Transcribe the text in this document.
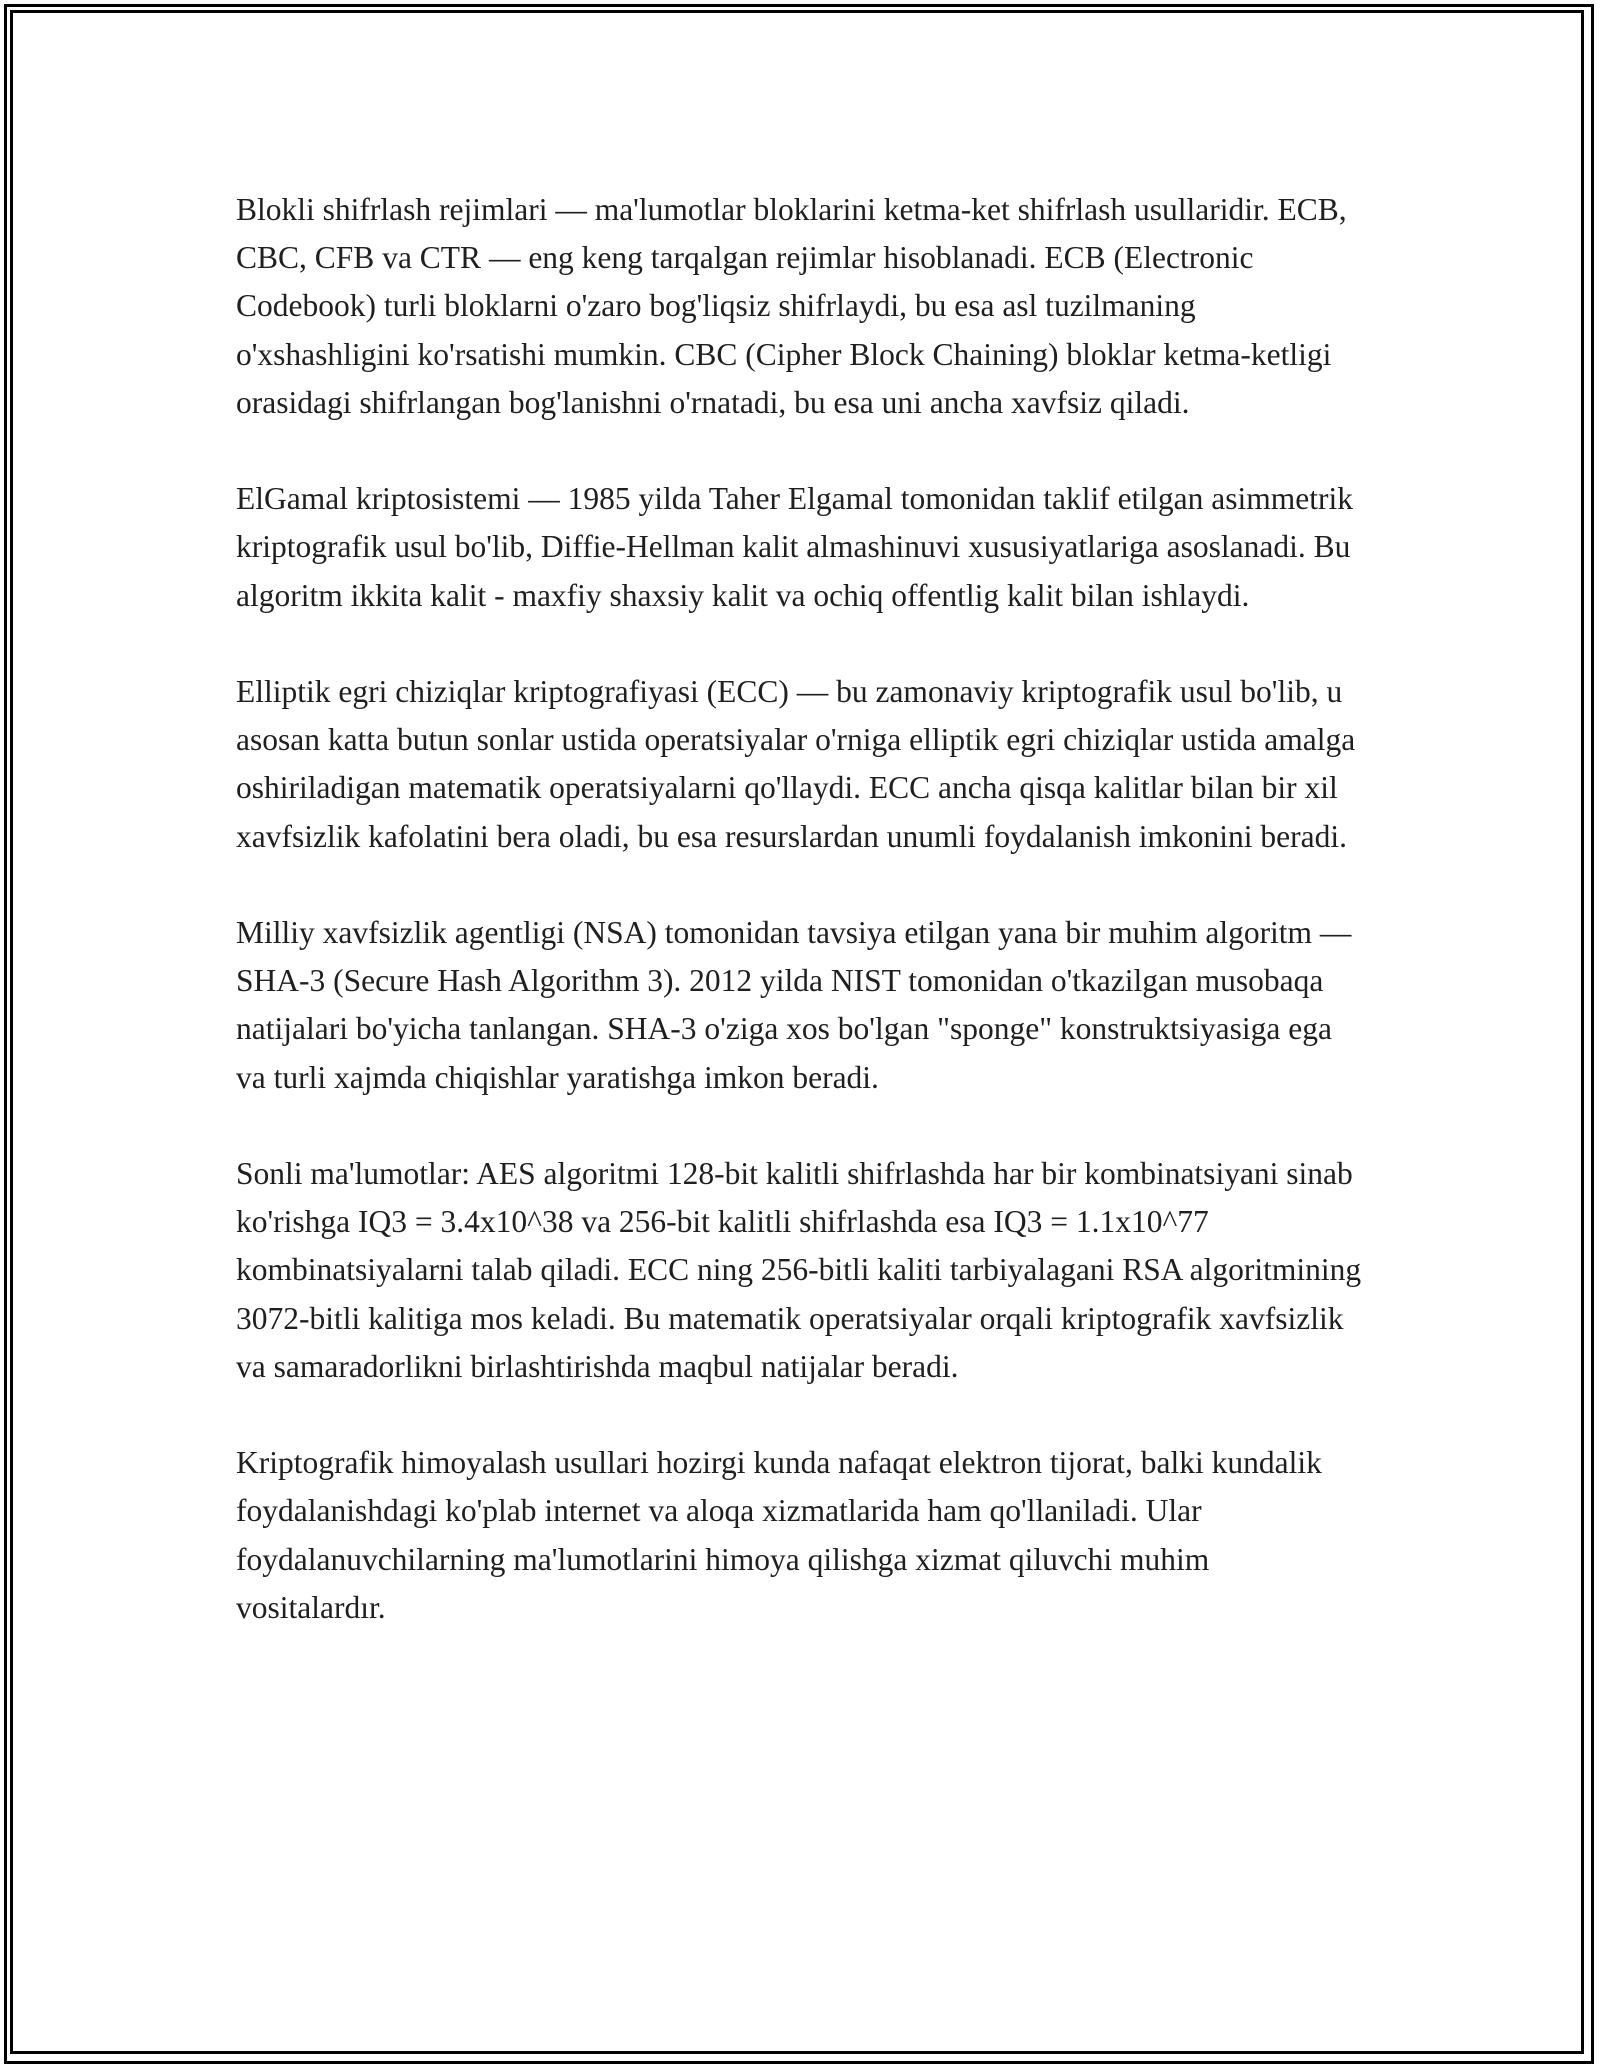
Blokli shifrlash rejimlari — ma'lumotlar bloklarini ketma-ket shifrlash usullaridir. ECB, CBC, CFB va CTR — eng keng tarqalgan rejimlar hisoblanadi. ECB (Electronic Codebook) turli bloklarni o'zaro bog'liqsiz shifrlaydi, bu esa asl tuzilmaning o'xshashligini ko'rsatishi mumkin. CBC (Cipher Block Chaining) bloklar ketma-ketligi orasidagi shifrlangan bog'lanishni o'rnatadi, bu esa uni ancha xavfsiz qiladi.

ElGamal kriptosistemi — 1985 yilda Taher Elgamal tomonidan taklif etilgan asimmetrik kriptografik usul bo'lib, Diffie-Hellman kalit almashinuvi xususiyatlariga asoslanadi. Bu algoritm ikkita kalit - maxfiy shaxsiy kalit va ochiq offentlig kalit bilan ishlaydi.

Elliptik egri chiziqlar kriptografiyasi (ECC) — bu zamonaviy kriptografik usul bo'lib, u asosan katta butun sonlar ustida operatsiyalar o'rniga elliptik egri chiziqlar ustida amalga oshiriladigan matematik operatsiyalarni qo'llaydi. ECC ancha qisqa kalitlar bilan bir xil xavfsizlik kafolatini bera oladi, bu esa resurslardan unumli foydalanish imkonini beradi.

Milliy xavfsizlik agentligi (NSA) tomonidan tavsiya etilgan yana bir muhim algoritm — SHA-3 (Secure Hash Algorithm 3). 2012 yilda NIST tomonidan o'tkazilgan musobaqa natijalari bo'yicha tanlangan. SHA-3 o'ziga xos bo'lgan "sponge" konstruktsiyasiga ega va turli xajmda chiqishlar yaratishga imkon beradi.

Sonli ma'lumotlar: AES algoritmi 128-bit kalitli shifrlashda har bir kombinatsiyani sinab ko'rishga IQ3 = 3.4x10^38 va 256-bit kalitli shifrlashda esa IQ3 = 1.1x10^77 kombinatsiyalarni talab qiladi. ECC ning 256-bitli kaliti tarbiyalagani RSA algoritmining 3072-bitli kalitiga mos keladi. Bu matematik operatsiyalar orqali kriptografik xavfsizlik va samaradorlikni birlashtirishda maqbul natijalar beradi.

Kriptografik himoyalash usullari hozirgi kunda nafaqat elektron tijorat, balki kundalik foydalanishdagi ko'plab internet va aloqa xizmatlarida ham qo'llaniladi. Ular foydalanuvchilarning ma'lumotlarini himoya qilishga xizmat qiluvchi muhim vositalardır.
